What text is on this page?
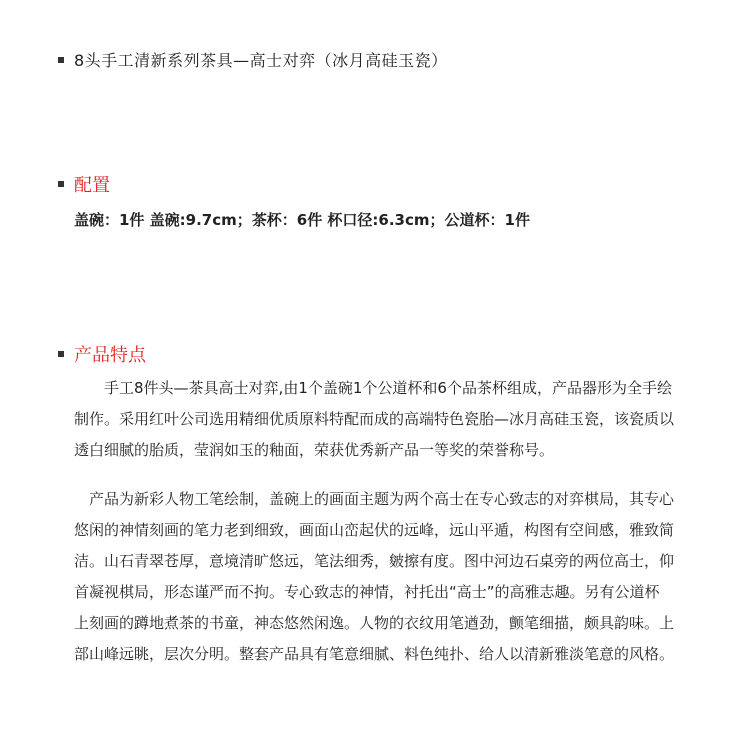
8头手工清新系列茶具—高士对弈（冰月高硅玉瓷）
配置
盖碗：1件 盖碗:9.7cm；茶杯：6件 杯口径:6.3cm；公道杯：1件
产品特点

手工8件头—茶具高士对弈,由1个盖碗1个公道杯和6个品茶杯组成，产品器形为全手绘制作。采用红叶公司选用精细优质原料特配而成的高端特色瓷胎—冰月高硅玉瓷，该瓷质以透白细腻的胎质，莹润如玉的釉面，荣获优秀新产品一等奖的荣誉称号。

产品为新彩人物工笔绘制，盖碗上的画面主题为两个高士在专心致志的对弈棋局，其专心悠闲的神情刻画的笔力老到细致，画面山峦起伏的远峰，远山平遁，构图有空间感，雅致简洁。山石青翠苍厚，意境清旷悠远，笔法细秀，皴擦有度。图中河边石桌旁的两位高士，仰首凝视棋局，形态谨严而不拘。专心致志的神情，衬托出“高士”的高雅志趣。另有公道杯上刻画的蹲地煮茶的书童，神态悠然闲逸。人物的衣纹用笔遒劲，颤笔细描，颇具韵味。上部山峰远眺，层次分明。整套产品具有笔意细腻、料色纯扑、给人以清新雅淡笔意的风格。
